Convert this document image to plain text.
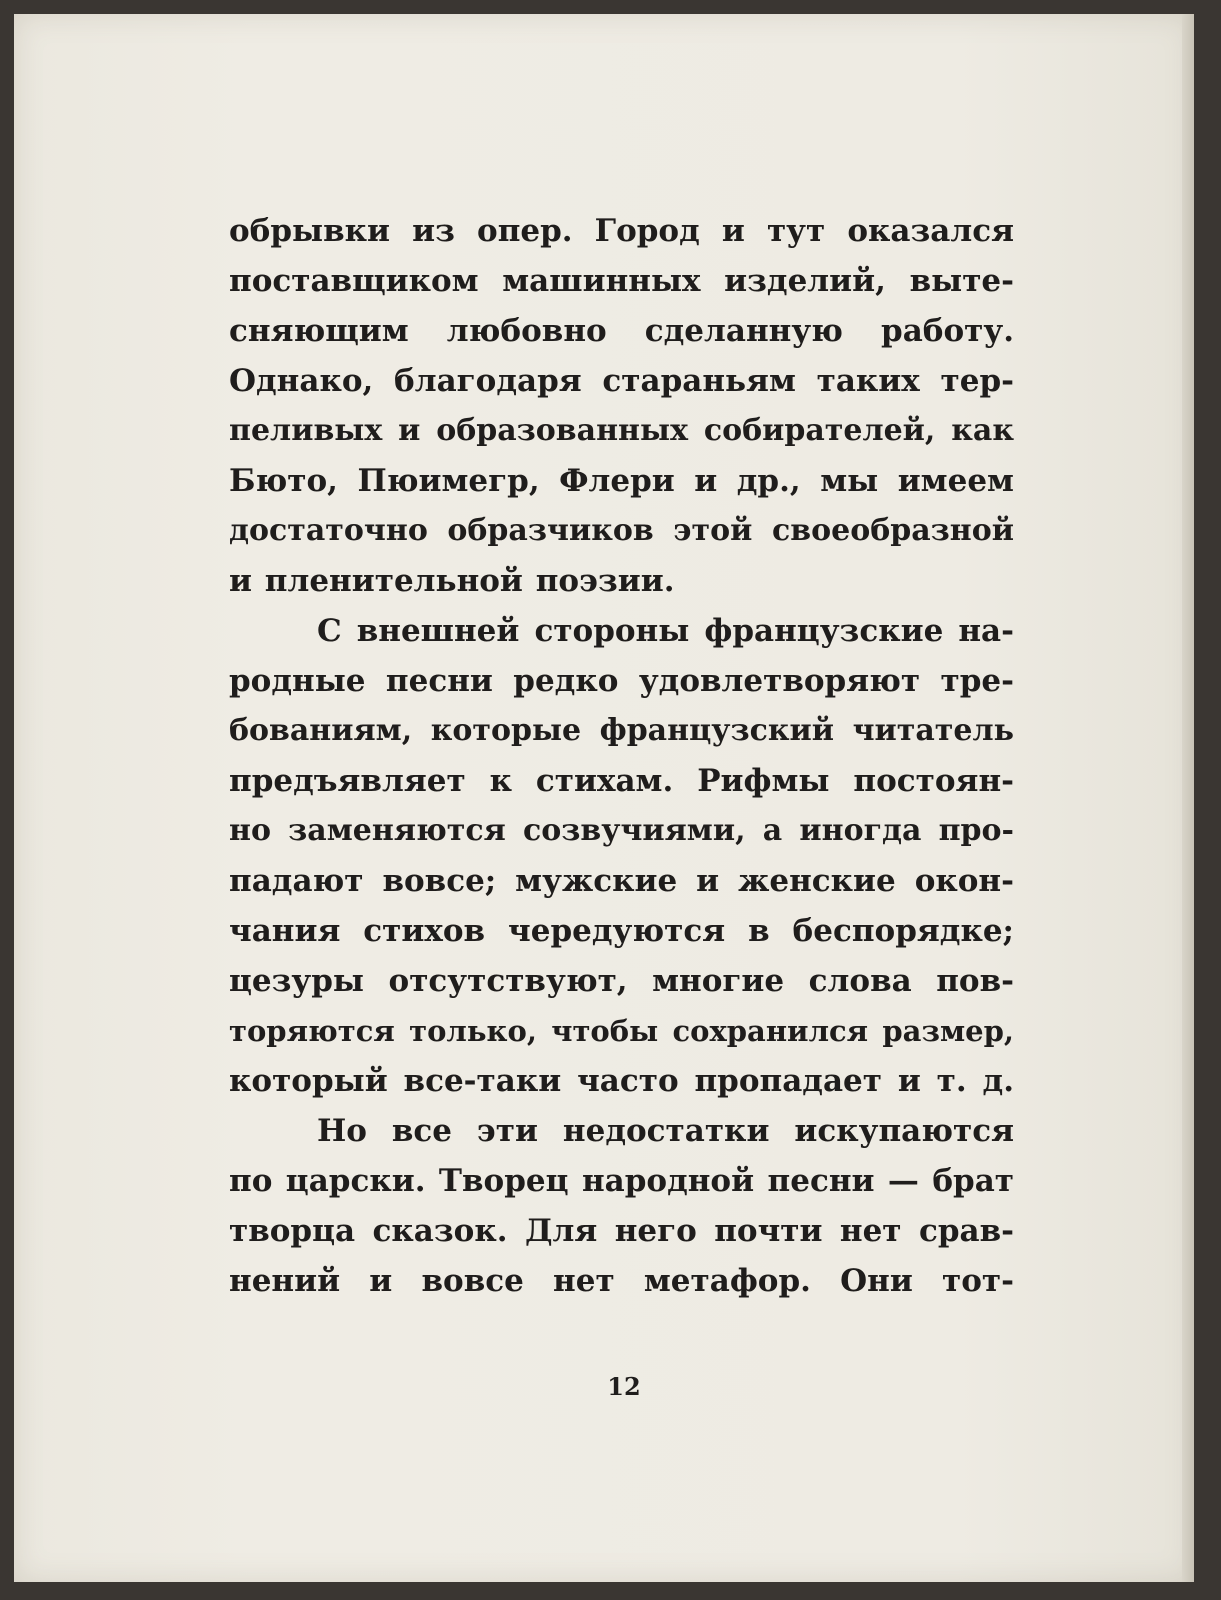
обрывки из опер. Город и тут оказался
поставщиком машинных изделий, выте-
сняющим любовно сделанную работу.
Однако, благодаря стараньям таких тер-
пеливых и образованных собирателей, как
Бюто, Пюимегр, Флери и др., мы имеем
достаточно образчиков этой своеобразной
и пленительной поэзии.
С внешней стороны французские на-
родные песни редко удовлетворяют тре-
бованиям, которые французский читатель
предъявляет к стихам. Рифмы постоян-
но заменяются созвучиями, а иногда про-
падают вовсе; мужские и женские окон-
чания стихов чередуются в беспорядке;
цезуры отсутствуют, многие слова пов-
торяются только, чтобы сохранился размер,
который все-таки часто пропадает и т. д.
Но все эти недостатки искупаются
по царски. Творец народной песни — брат
творца сказок. Для него почти нет срав-
нений и вовсе нет метафор. Они тот-
12
